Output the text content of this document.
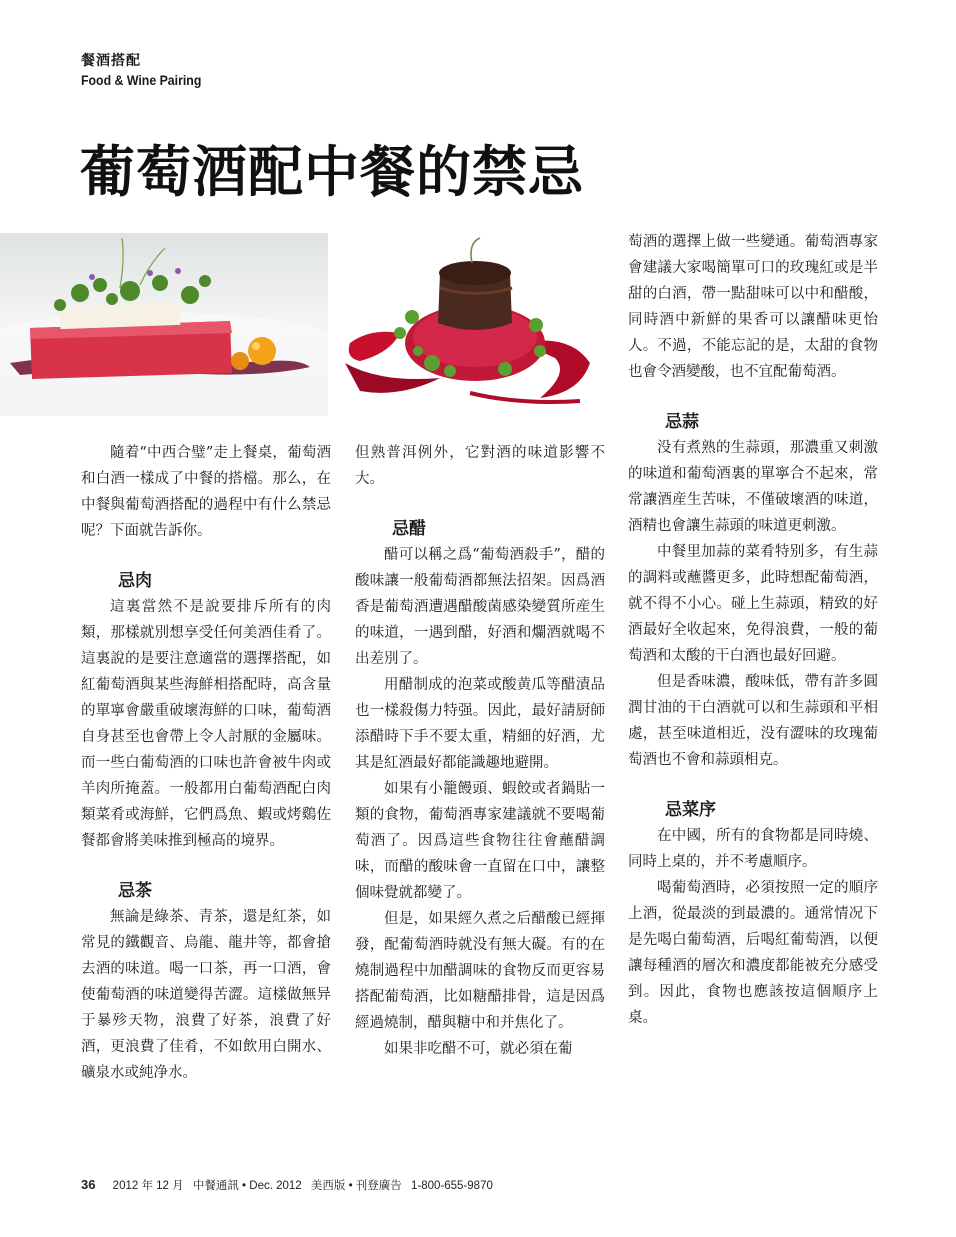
餐酒搭配
Food & Wine Pairing
葡萄酒配中餐的禁忌

隨着“中西合璧”走上餐桌，葡萄酒和白酒一樣成了中餐的搭檔。那么，在中餐與葡萄酒搭配的過程中有什么禁忌呢？下面就告訴你。

忌肉

這裏當然不是說要排斥所有的肉類，那樣就別想享受任何美酒佳肴了。這裏說的是要注意適當的選擇搭配，如紅葡萄酒與某些海鮮相搭配時，高含量的單寧會嚴重破壞海鮮的口味，葡萄酒自身甚至也會帶上令人討厭的金屬味。而一些白葡萄酒的口味也許會被牛肉或羊肉所掩蓋。一般都用白葡萄酒配白肉類菜肴或海鮮，它們爲魚、蝦或烤鷄佐餐都會將美味推到極高的境界。

忌茶

無論是綠茶、青茶，還是紅茶，如常見的鐵觀音、烏龍、龍井等，都會搶去酒的味道。喝一口茶，再一口酒，會使葡萄酒的味道變得苦澀。這樣做無异于暴殄天物，浪費了好茶，浪費了好酒，更浪費了佳肴，不如飲用白開水、礦泉水或純净水。

但熟普洱例外，它對酒的味道影響不大。

忌醋

醋可以稱之爲“葡萄酒殺手”，醋的酸味讓一般葡萄酒都無法招架。因爲酒香是葡萄酒遭遇醋酸菌感染變質所産生的味道，一遇到醋，好酒和爛酒就喝不出差別了。

用醋制成的泡菜或酸黄瓜等醋漬品也一樣殺傷力特强。因此，最好請厨師添醋時下手不要太重，精細的好酒，尤其是紅酒最好都能識趣地避開。

如果有小籠饅頭、蝦餃或者鍋貼一類的食物，葡萄酒專家建議就不要喝葡萄酒了。因爲這些食物往往會蘸醋調味，而醋的酸味會一直留在口中，讓整個味覺就都變了。

但是，如果經久煮之后醋酸已經揮發，配葡萄酒時就没有無大礙。有的在燒制過程中加醋調味的食物反而更容易搭配葡萄酒，比如糖醋排骨，這是因爲經過燒制，醋與糖中和并焦化了。

如果非吃醋不可，就必須在葡

萄酒的選擇上做一些變通。葡萄酒專家會建議大家喝簡單可口的玫瑰紅或是半甜的白酒，帶一點甜味可以中和醋酸，同時酒中新鮮的果香可以讓醋味更怡人。不過，不能忘記的是，太甜的食物也會令酒變酸，也不宜配葡萄酒。

忌蒜

没有煮熟的生蒜頭，那濃重又刺激的味道和葡萄酒裏的單寧合不起來，常常讓酒産生苦味，不僅破壞酒的味道，酒精也會讓生蒜頭的味道更刺激。

中餐里加蒜的菜肴特别多，有生蒜的調料或蘸醬更多，此時想配葡萄酒，就不得不小心。碰上生蒜頭，精致的好酒最好全收起來，免得浪費，一般的葡萄酒和太酸的干白酒也最好回避。

但是香味濃，酸味低，帶有許多圓潤甘油的干白酒就可以和生蒜頭和平相處，甚至味道相近，没有澀味的玫瑰葡萄酒也不會和蒜頭相克。

忌菜序

在中國，所有的食物都是同時燒、同時上桌的，并不考慮順序。

喝葡萄酒時，必須按照一定的順序上酒，從最淡的到最濃的。通常情况下是先喝白葡萄酒，后喝紅葡萄酒，以便讓每種酒的層次和濃度都能被充分感受到。因此，食物也應該按這個順序上桌。

36 2012 年 12 月 中餐通訊 • Dec. 2012 美西版 • 刊登廣告 1-800-655-9870
